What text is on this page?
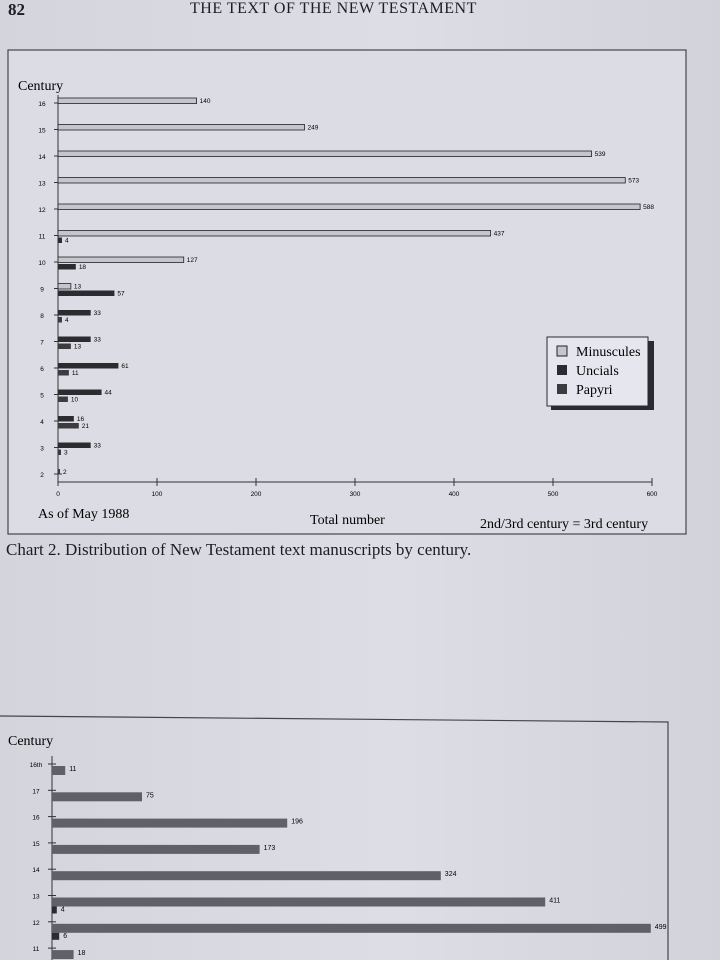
82	THE TEXT OF THE NEW TESTAMENT
Century
16
15
14
13
12
11
10
9
8
7
6
5
4
3
2
140
249
539
573
588
437
4
127
18
13
57
33
4
33
13
61
11
44
10
16
21
33
3
2
0	100	200	300	400	500	600
As of May 1988	Total number	2nd/3rd century = 3rd century
Minuscules
Uncials
Papyri
Chart 2. Distribution of New Testament text manuscripts by century.
Century
16th
17
16
15
14
13
12
11
11
75
196
173
324
411
4
499
6
18
